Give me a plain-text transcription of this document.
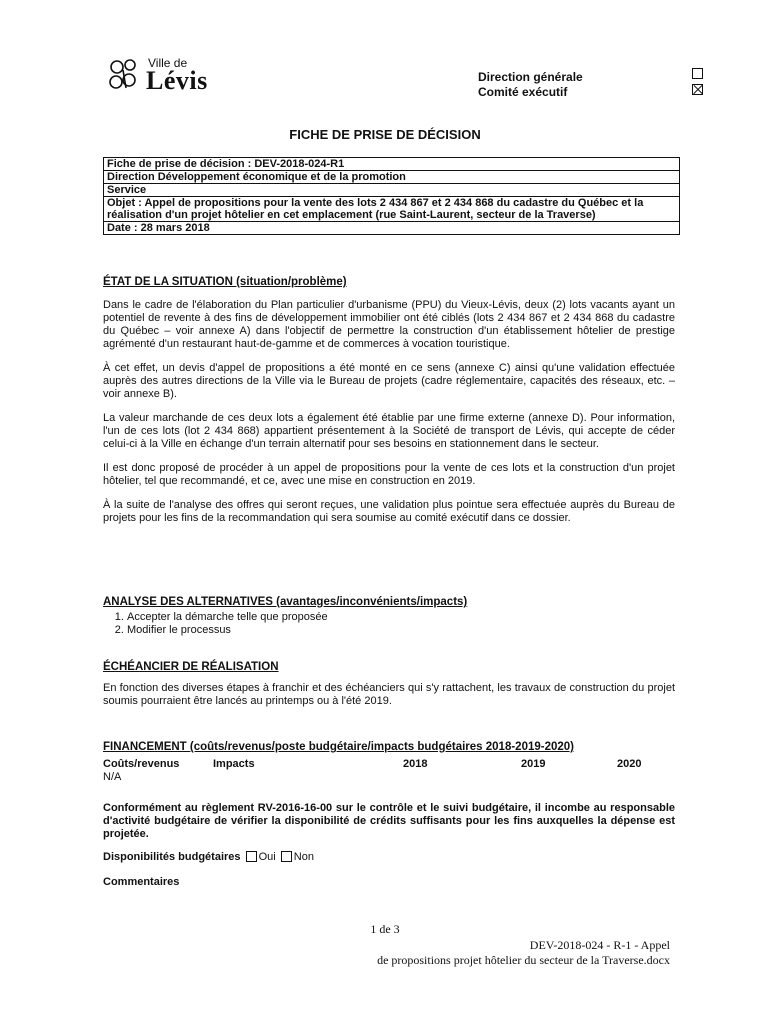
Ville de
Lévis	Direction générale
Comité exécutif
FICHE DE PRISE DE DÉCISION
Fiche de prise de décision : DEV-2018-024-R1
Direction Développement économique et de la promotion
Service
Objet : Appel de propositions pour la vente des lots 2 434 867 et 2 434 868 du cadastre du Québec et la réalisation d'un projet hôtelier en cet emplacement (rue Saint-Laurent, secteur de la Traverse)
Date : 28 mars 2018
ÉTAT DE LA SITUATION (situation/problème)

Dans le cadre de l'élaboration du Plan particulier d'urbanisme (PPU) du Vieux-Lévis, deux (2) lots vacants ayant un potentiel de revente à des fins de développement immobilier ont été ciblés (lots 2 434 867 et 2 434 868 du cadastre du Québec – voir annexe A) dans l'objectif de permettre la construction d'un établissement hôtelier de prestige agrémenté d'un restaurant haut-de-gamme et de commerces à vocation touristique.

À cet effet, un devis d'appel de propositions a été monté en ce sens (annexe C) ainsi qu'une validation effectuée auprès des autres directions de la Ville via le Bureau de projets (cadre réglementaire, capacités des réseaux, etc. – voir annexe B).

La valeur marchande de ces deux lots a également été établie par une firme externe (annexe D). Pour information, l'un de ces lots (lot 2 434 868) appartient présentement à la Société de transport de Lévis, qui accepte de céder celui-ci à la Ville en échange d'un terrain alternatif pour ses besoins en stationnement dans le secteur.

Il est donc proposé de procéder à un appel de propositions pour la vente de ces lots et la construction d'un projet hôtelier, tel que recommandé, et ce, avec une mise en construction en 2019.

À la suite de l'analyse des offres qui seront reçues, une validation plus pointue sera effectuée auprès du Bureau de projets pour les fins de la recommandation qui sera soumise au comité exécutif dans ce dossier.

ANALYSE DES ALTERNATIVES (avantages/inconvénients/impacts)
1. Accepter la démarche telle que proposée
2. Modifier le processus
ÉCHÉANCIER DE RÉALISATION

En fonction des diverses étapes à franchir et des échéanciers qui s'y rattachent, les travaux de construction du projet soumis pourraient être lancés au printemps ou à l'été 2019.

FINANCEMENT (coûts/revenus/poste budgétaire/impacts budgétaires 2018-2019-2020)
Coûts/revenus	Impacts	2018	2019	2020
N/A				

Conformément au règlement RV-2016-16-00 sur le contrôle et le suivi budgétaire, il incombe au responsable d'activité budgétaire de vérifier la disponibilité de crédits suffisants pour les fins auxquelles la dépense est projetée.

Disponibilités budgétaires Oui Non
Commentaires
1 de 3
DEV-2018-024 - R-1 - Appel
de propositions projet hôtelier du secteur de la Traverse.docx
